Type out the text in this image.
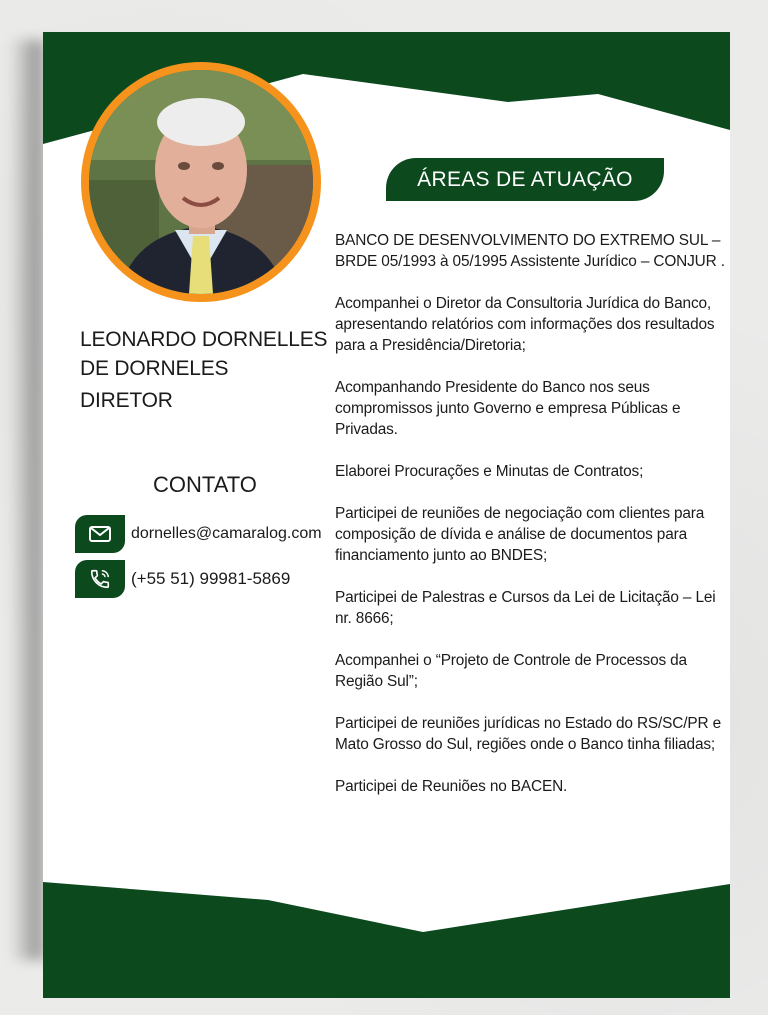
LEONARDO DORNELLES
DE DORNELES
DIRETOR
CONTATO
dornelles@camaralog.com
(+55 51) 99981-5869
ÁREAS DE ATUAÇÃO

BANCO DE DESENVOLVIMENTO DO EXTREMO SUL – BRDE 05/1993 à 05/1995 Assistente Jurídico – CONJUR .

Acompanhei o Diretor da Consultoria Jurídica do Banco, apresentando relatórios com informações dos resultados para a Presidência/Diretoria;

Acompanhando Presidente do Banco nos seus compromissos junto Governo e empresa Públicas e Privadas.

Elaborei Procurações e Minutas de Contratos;

Participei de reuniões de negociação com clientes para composição de dívida e análise de documentos para financiamento junto ao BNDES;

Participei de Palestras e Cursos da Lei de Licitação – Lei nr. 8666;

Acompanhei o “Projeto de Controle de Processos da Região Sul”;

Participei de reuniões jurídicas no Estado do RS/SC/PR e Mato Grosso do Sul, regiões onde o Banco tinha filiadas;

Participei de Reuniões no BACEN.
